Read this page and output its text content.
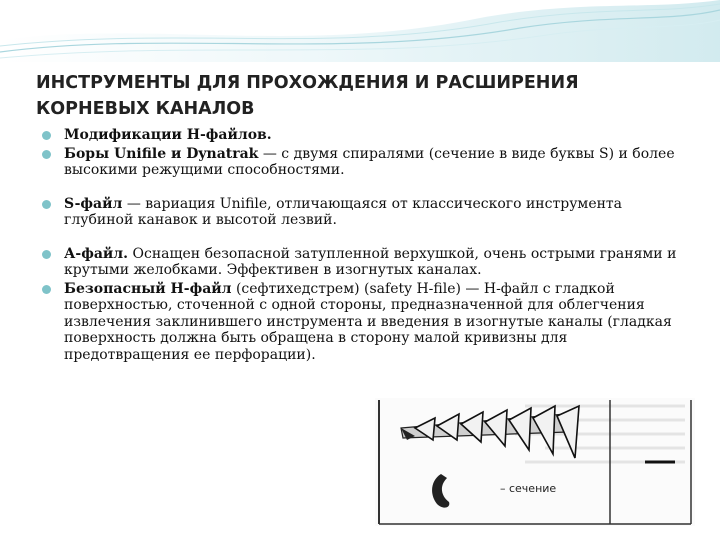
ИНСТРУМЕНТЫ ДЛЯ ПРОХОЖДЕНИЯ И РАСШИРЕНИЯ КОРНЕВЫХ КАНАЛОВ
Модификации Н-файлов.
Боры Unifile и Dynatrak — с двумя спиралями (сечение в виде буквы S) и более высокими режущими способностями.
S-файл — вариация Unifile, отличающаяся от классического инструмента глубиной канавок и высотой лезвий.
А-файл. Оснащен безопасной затупленной верхушкой, очень острыми гранями и крутыми желобками. Эффективен в изогнутых каналах.
Безопасный Н-файл (сефтихедстрем) (safety H-file) — Н-файл с гладкой поверхностью, сточенной с одной стороны, предназначенной для облегчения извлечения заклинившего инструмента и введения в изогнутые каналы (гладкая поверхность должна быть обращена в сторону малой кривизны для предотвращения ее перфорации).
– сечение
